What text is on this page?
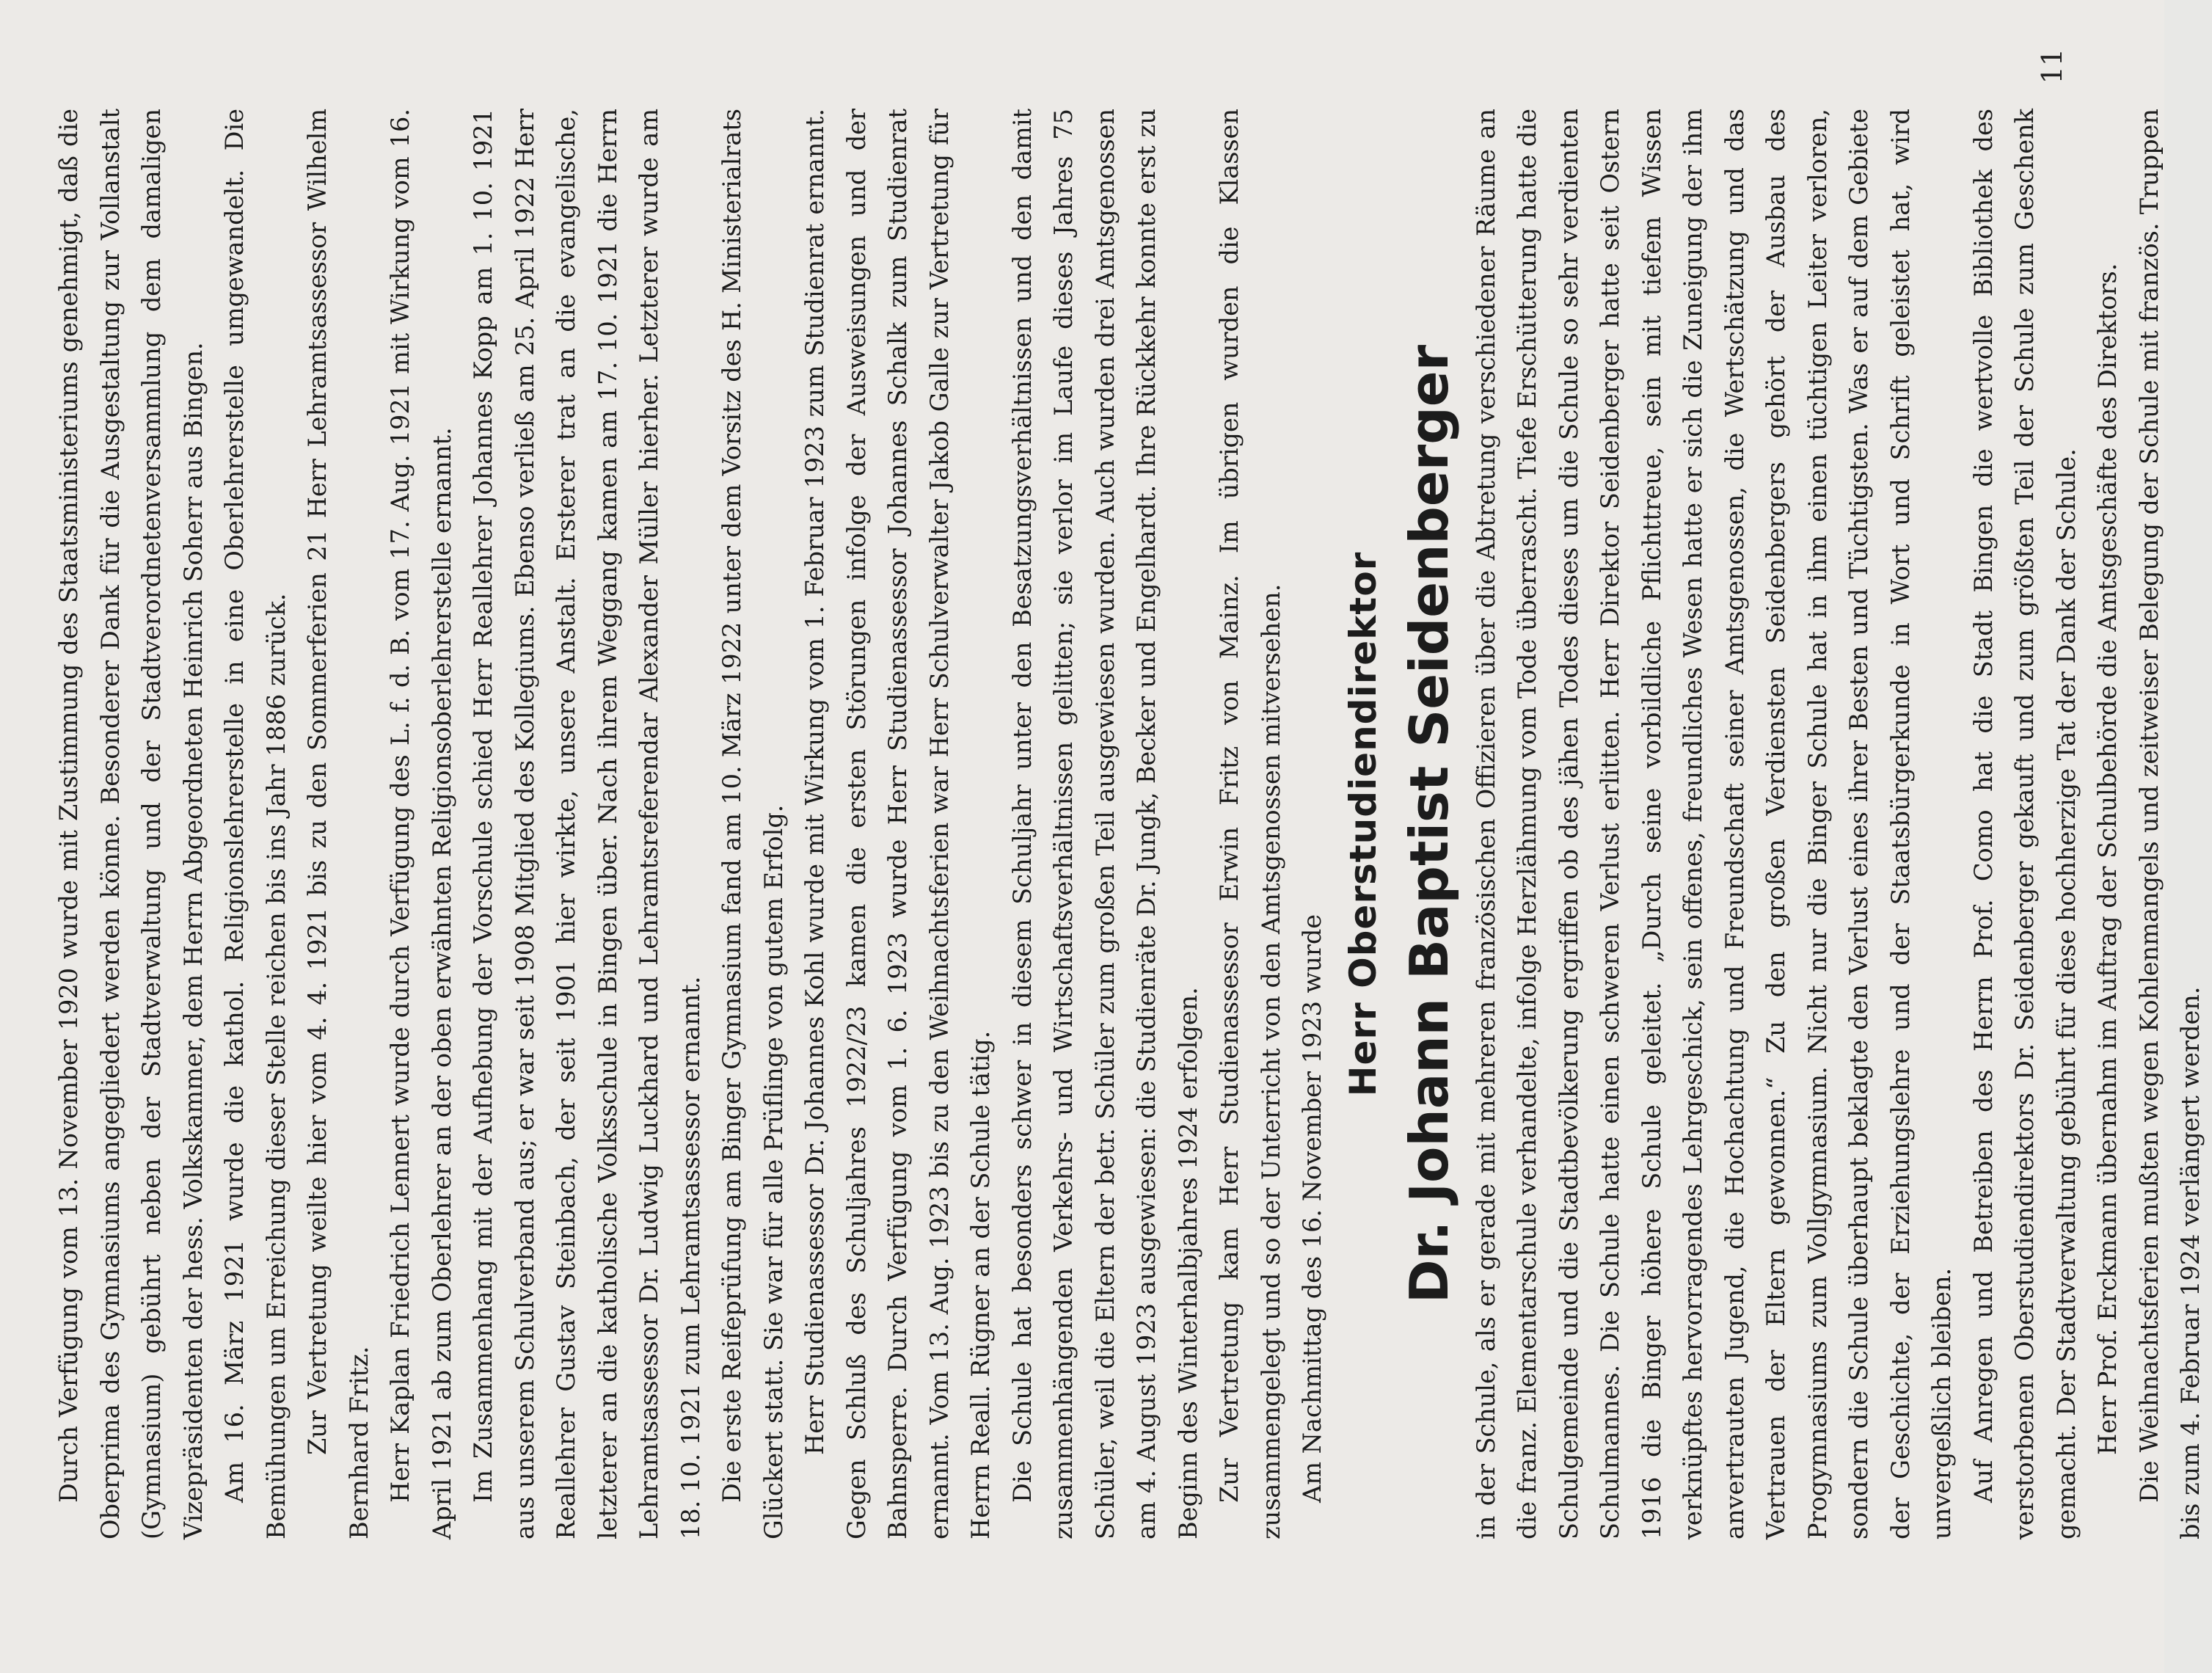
Durch Verfügung vom 13. November 1920 wurde mit Zustimmung des Staatsministeriums genehmigt, daß die Oberprima des Gymnasiums angegliedert werden könne. Besonderer Dank für die Ausgestaltung zur Vollanstalt (Gymnasium) gebührt neben der Stadtverwaltung und der Stadtverordnetenversammlung dem damaligen Vizepräsidenten der hess. Volkskammer, dem Herrn Abgeordneten Heinrich Soherr aus Bingen. Am 16. März 1921 wurde die kathol. Religionslehrerstelle in eine Oberlehrerstelle umgewandelt. Die Bemühungen um Erreichung dieser Stelle reichen bis ins Jahr 1886 zurück. Zur Vertretung weilte hier vom 4. 4. 1921 bis zu den Sommerferien 21 Herr Lehramtsassessor Wilhelm Bernhard Fritz. Herr Kaplan Friedrich Lennert wurde durch Verfügung des L. f. d. B. vom 17. Aug. 1921 mit Wirkung vom 16. April 1921 ab zum Oberlehrer an der oben erwähnten Religionsoberlehrerstelle ernannt. Im Zusammenhang mit der Aufhebung der Vorschule schied Herr Reallehrer Johannes Kopp am 1. 10. 1921 aus unserem Schulverband aus; er war seit 1908 Mitglied des Kollegiums. Ebenso verließ am 25. April 1922 Herr Reallehrer Gustav Steinbach, der seit 1901 hier wirkte, unsere Anstalt. Ersterer trat an die evangelische, letzterer an die katholische Volksschule in Bingen über. Nach ihrem Weggang kamen am 17. 10. 1921 die Herrn Lehramtsassessor Dr. Ludwig Luckhard und Lehramtsreferendar Alexander Müller hierher. Letzterer wurde am 18. 10. 1921 zum Lehramtsassessor ernannt. Die erste Reifeprüfung am Binger Gymnasium fand am 10. März 1922 unter dem Vorsitz des H. Ministerialrats Glückert statt. Sie war für alle Prüflinge von gutem Erfolg. Herr Studienassessor Dr. Johannes Kohl wurde mit Wirkung vom 1. Februar 1923 zum Studienrat ernannt. Gegen Schluß des Schuljahres 1922/23 kamen die ersten Störungen infolge der Ausweisungen und der Bahnsperre. Durch Verfügung vom 1. 6. 1923 wurde Herr Studienassessor Johannes Schalk zum Studienrat ernannt. Vom 13. Aug. 1923 bis zu den Weihnachtsferien war Herr Schulverwalter Jakob Galle zur Vertretung für Herrn Reall. Rügner an der Schule tätig. Die Schule hat besonders schwer in diesem Schuljahr unter den Besatzungsverhältnissen und den damit zusammenhängenden Verkehrs- und Wirtschaftsverhältnissen gelitten; sie verlor im Laufe dieses Jahres 75 Schüler, weil die Eltern der betr. Schüler zum großen Teil ausgewiesen wurden. Auch wurden drei Amtsgenossen am 4. August 1923 ausgewiesen: die Studienräte Dr. Jungk, Becker und Engelhardt. Ihre Rückkehr konnte erst zu Beginn des Winterhalbjahres 1924 erfolgen. Zur Vertretung kam Herr Studienassessor Erwin Fritz von Mainz. Im übrigen wurden die Klassen zusammengelegt und so der Unterricht von den Amtsgenossen mitversehen. Am Nachmittag des 16. November 1923 wurde

Herr Oberstudiendirektor Dr. Johann Baptist Seidenberger in der Schule, als er gerade mit mehreren französischen Offizieren über die Abtretung verschiedener Räume an die franz. Elementarschule verhandelte, infolge Herzlähmung vom Tode überrascht. Tiefe Erschütterung hatte die Schulgemeinde und die Stadtbevölkerung ergriffen ob des jähen Todes dieses um die Schule so sehr verdienten Schulmannes. Die Schule hatte einen schweren Verlust erlitten. Herr Direktor Seidenberger hatte seit Ostern 1916 die Binger höhere Schule geleitet. „Durch seine vorbildliche Pflichttreue, sein mit tiefem Wissen verknüpftes hervorragendes Lehrgeschick, sein offenes, freundliches Wesen hatte er sich die Zuneigung der ihm anvertrauten Jugend, die Hochachtung und Freundschaft seiner Amtsgenossen, die Wertschätzung und das Vertrauen der Eltern gewonnen.“ Zu den großen Verdiensten Seidenbergers gehört der Ausbau des Progymnasiums zum Vollgymnasium. Nicht nur die Binger Schule hat in ihm einen tüchtigen Leiter verloren, sondern die Schule überhaupt beklagte den Verlust eines ihrer Besten und Tüchtigsten. Was er auf dem Gebiete der Geschichte, der Erziehungslehre und der Staatsbürgerkunde in Wort und Schrift geleistet hat, wird unvergeßlich bleiben. Auf Anregen und Betreiben des Herrn Prof. Como hat die Stadt Bingen die wertvolle Bibliothek des verstorbenen Oberstudiendirektors Dr. Seidenberger gekauft und zum größten Teil der Schule zum Geschenk gemacht. Der Stadtverwaltung gebührt für diese hochherzige Tat der Dank der Schule. Herr Prof. Erckmann übernahm im Auftrag der Schulbehörde die Amtsgeschäfte des Direktors. Die Weihnachtsferien mußten wegen Kohlenmangels und zeitweiser Belegung der Schule mit französ. Truppen bis zum 4. Februar 1924 verlängert werden.

11
